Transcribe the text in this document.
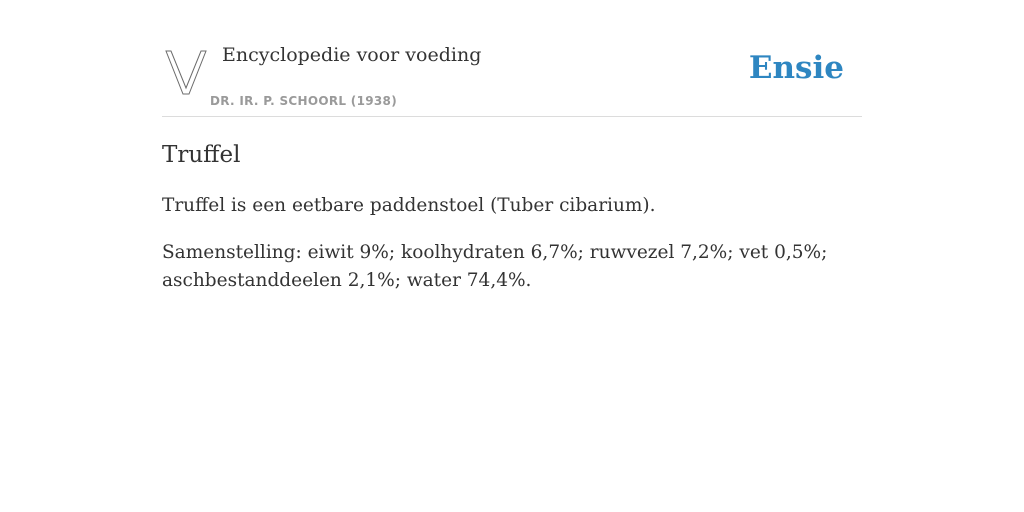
Encyclopedie voor voeding
DR. IR. P. SCHOORL (1938)
Ensie
Truffel

Truffel is een eetbare paddenstoel (Tuber cibarium).

Samenstelling: eiwit 9%; koolhydraten 6,7%; ruwvezel 7,2%; vet 0,5%; aschbestanddeelen 2,1%; water 74,4%.
